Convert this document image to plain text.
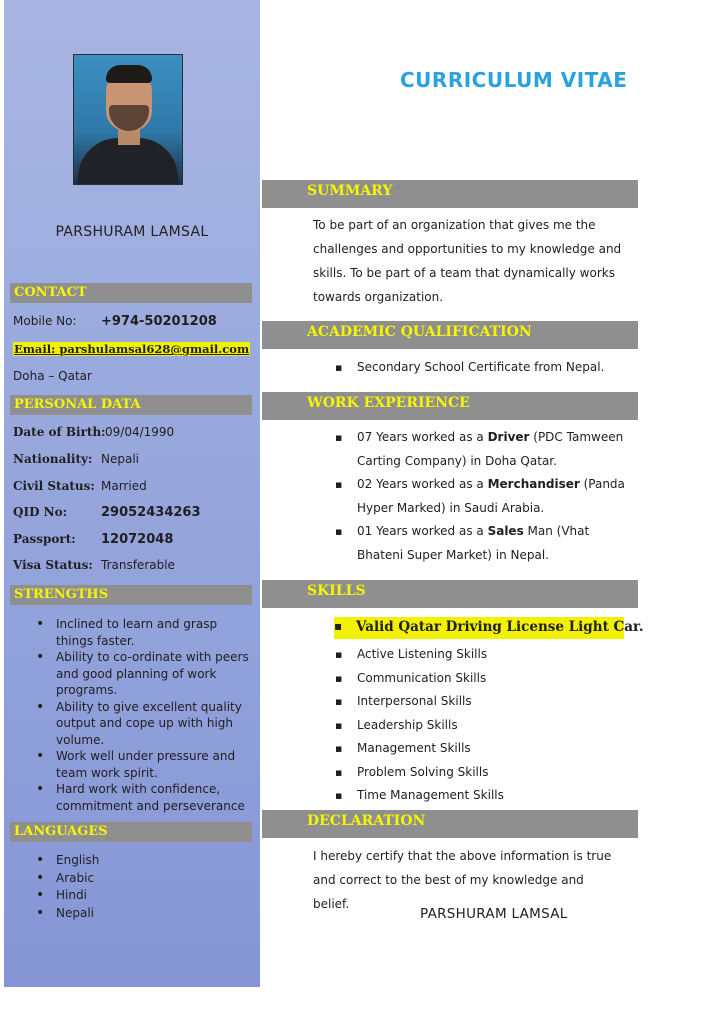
PARSHURAM LAMSAL
CONTACT
Mobile No: +974-50201208
Email: parshulamsal628@gmail.com
Doha – Qatar
PERSONAL DATA
Date of Birth: 09/04/1990
Nationality: Nepali
Civil Status: Married
QID No:	29052434263
Passport: 12072048
Visa Status: Transferable
STRENGTHS
• Inclined to learn and grasp things faster.
• Ability to co-ordinate with peers and good planning of work programs.
• Ability to give excellent quality output and cope up with high volume.
• Work well under pressure and team work spirit.
• Hard work with confidence, commitment and perseverance
LANGUAGES
• English
• Arabic
• Hindi
• Nepali
CURRICULUM VITAE
SUMMARY
To be part of an organization that gives me the challenges and opportunities to my knowledge and skills. To be part of a team that dynamically works towards organization.
ACADEMIC QUALIFICATION
▪ Secondary School Certificate from Nepal.
WORK EXPERIENCE
▪ 07 Years worked as a Driver (PDC Tamween Carting Company) in Doha Qatar.
▪ 02 Years worked as a Merchandiser (Panda Hyper Marked) in Saudi Arabia.
▪ 01 Years worked as a Sales Man (Vhat Bhateni Super Market) in Nepal.
SKILLS
▪ Valid Qatar Driving License Light Car.
▪ Active Listening Skills
▪ Communication Skills
▪ Interpersonal Skills
▪ Leadership Skills
▪ Management Skills
▪ Problem Solving Skills
▪ Time Management Skills
DECLARATION
I hereby certify that the above information is true and correct to the best of my knowledge and belief.
PARSHURAM LAMSAL
